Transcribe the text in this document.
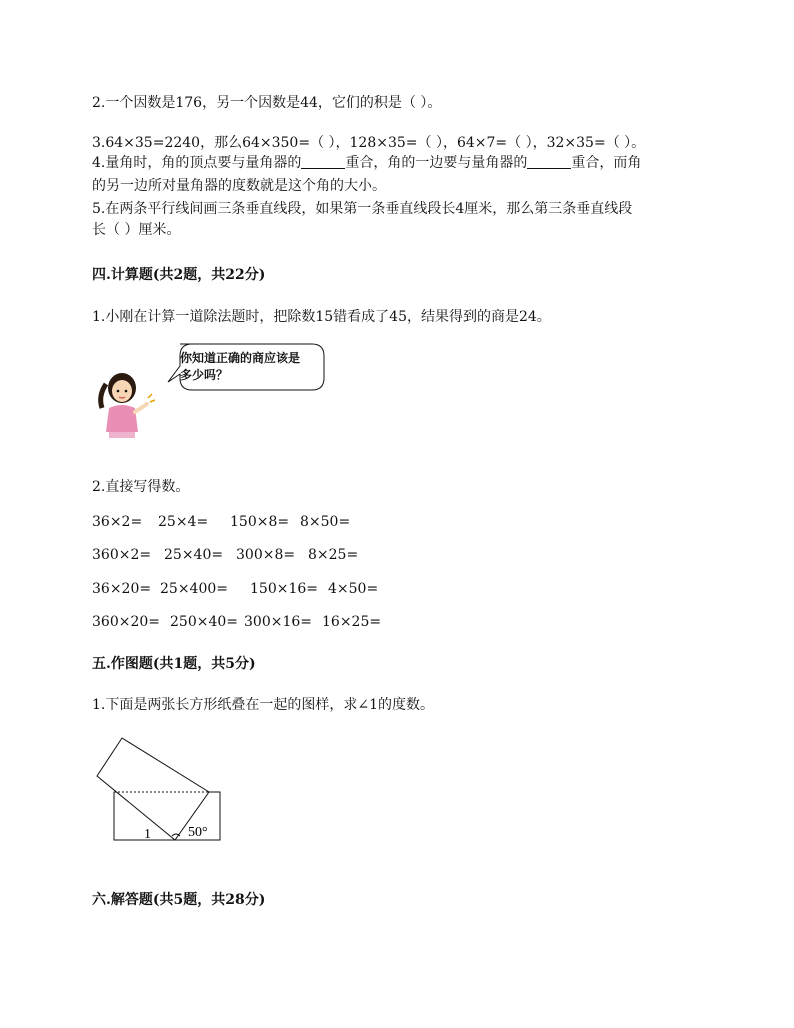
2.一个因数是176，另一个因数是44，它们的积是（ ）。
3.64×35=2240，那么64×350=（ ），128×35=（ ），64×7=（ ），32×35=（ ）。
4.量角时，角的顶点要与量角器的	重合，角的一边要与量角器的	重合，而角
的另一边所对量角器的度数就是这个角的大小。
5.在两条平行线间画三条垂直线段，如果第一条垂直线段长4厘米，那么第三条垂直线段
长（ ）厘米。
四.计算题(共2题，共22分)
1.小刚在计算一道除法题时，把除数15错看成了45，结果得到的商是24。
你知道正确的商应该是
多少吗？
2.直接写得数。
36×2= 25×4= 150×8= 8×50=
360×2= 25×40= 300×8= 8×25=
36×20= 25×400= 150×16= 4×50=
360×20= 250×40= 300×16= 16×25=
五.作图题(共1题，共5分)
1.下面是两张长方形纸叠在一起的图样，求∠1的度数。
1	50°
六.解答题(共5题，共28分)
